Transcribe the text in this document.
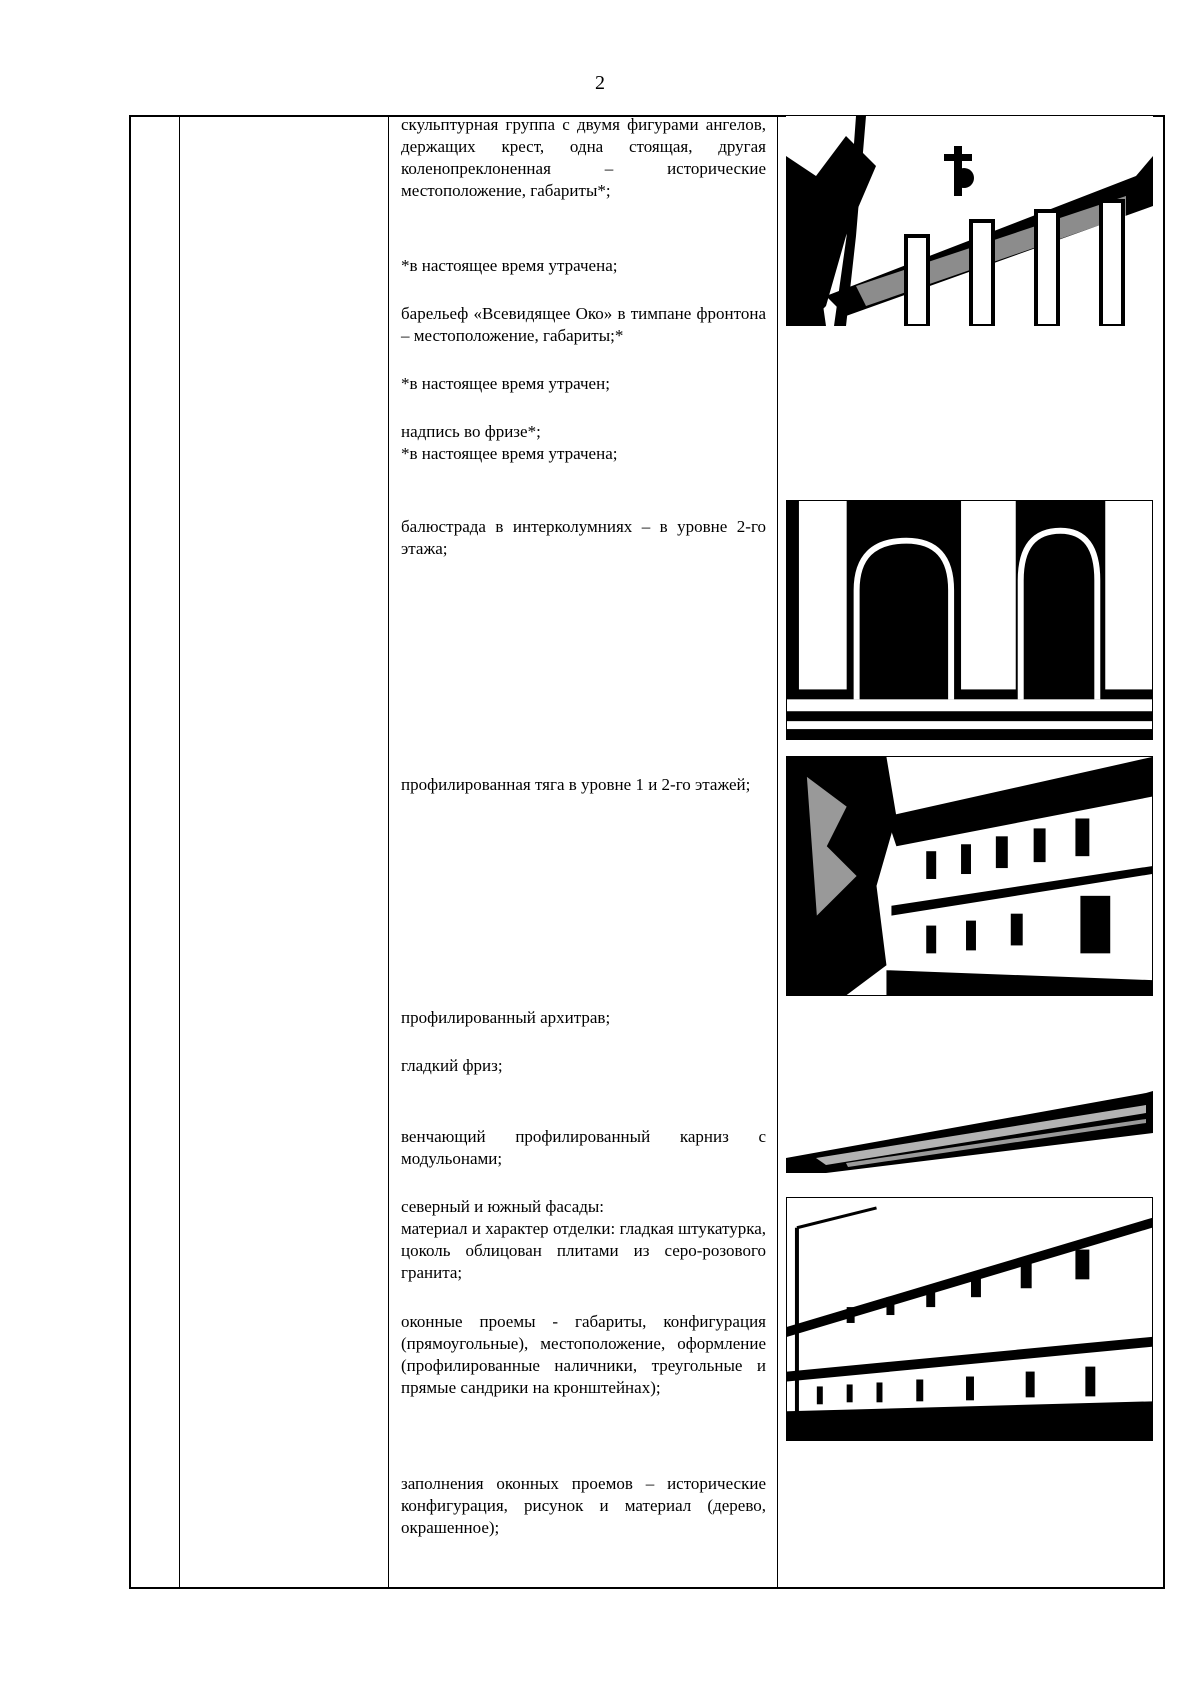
2

скульптурная группа с двумя фигурами ангелов, держащих крест, одна стоящая, другая коленопреклоненная – исторические местоположение, габариты*;

*в настоящее время утрачена;

барельеф «Всевидящее Око» в тимпане фронтона – местоположение, габариты;*

*в настоящее время утрачен;

надпись во фризе*;

*в настоящее время утрачена;

балюстрада в интерколумниях – в уровне 2-го этажа;

профилированная тяга в уровне 1 и 2-го этажей;

профилированный архитрав;

гладкий фриз;

венчающий профилированный карниз с модульонами;

северный и южный фасады:

материал и характер отделки: гладкая штукатурка, цоколь облицован плитами из серо-розового гранита;

оконные проемы - габариты, конфигурация (прямоугольные), местоположение, оформление (профилированные наличники, треугольные и прямые сандрики на кронштейнах);

заполнения оконных проемов – исторические конфигурация, рисунок и материал (дерево, окрашенное);
